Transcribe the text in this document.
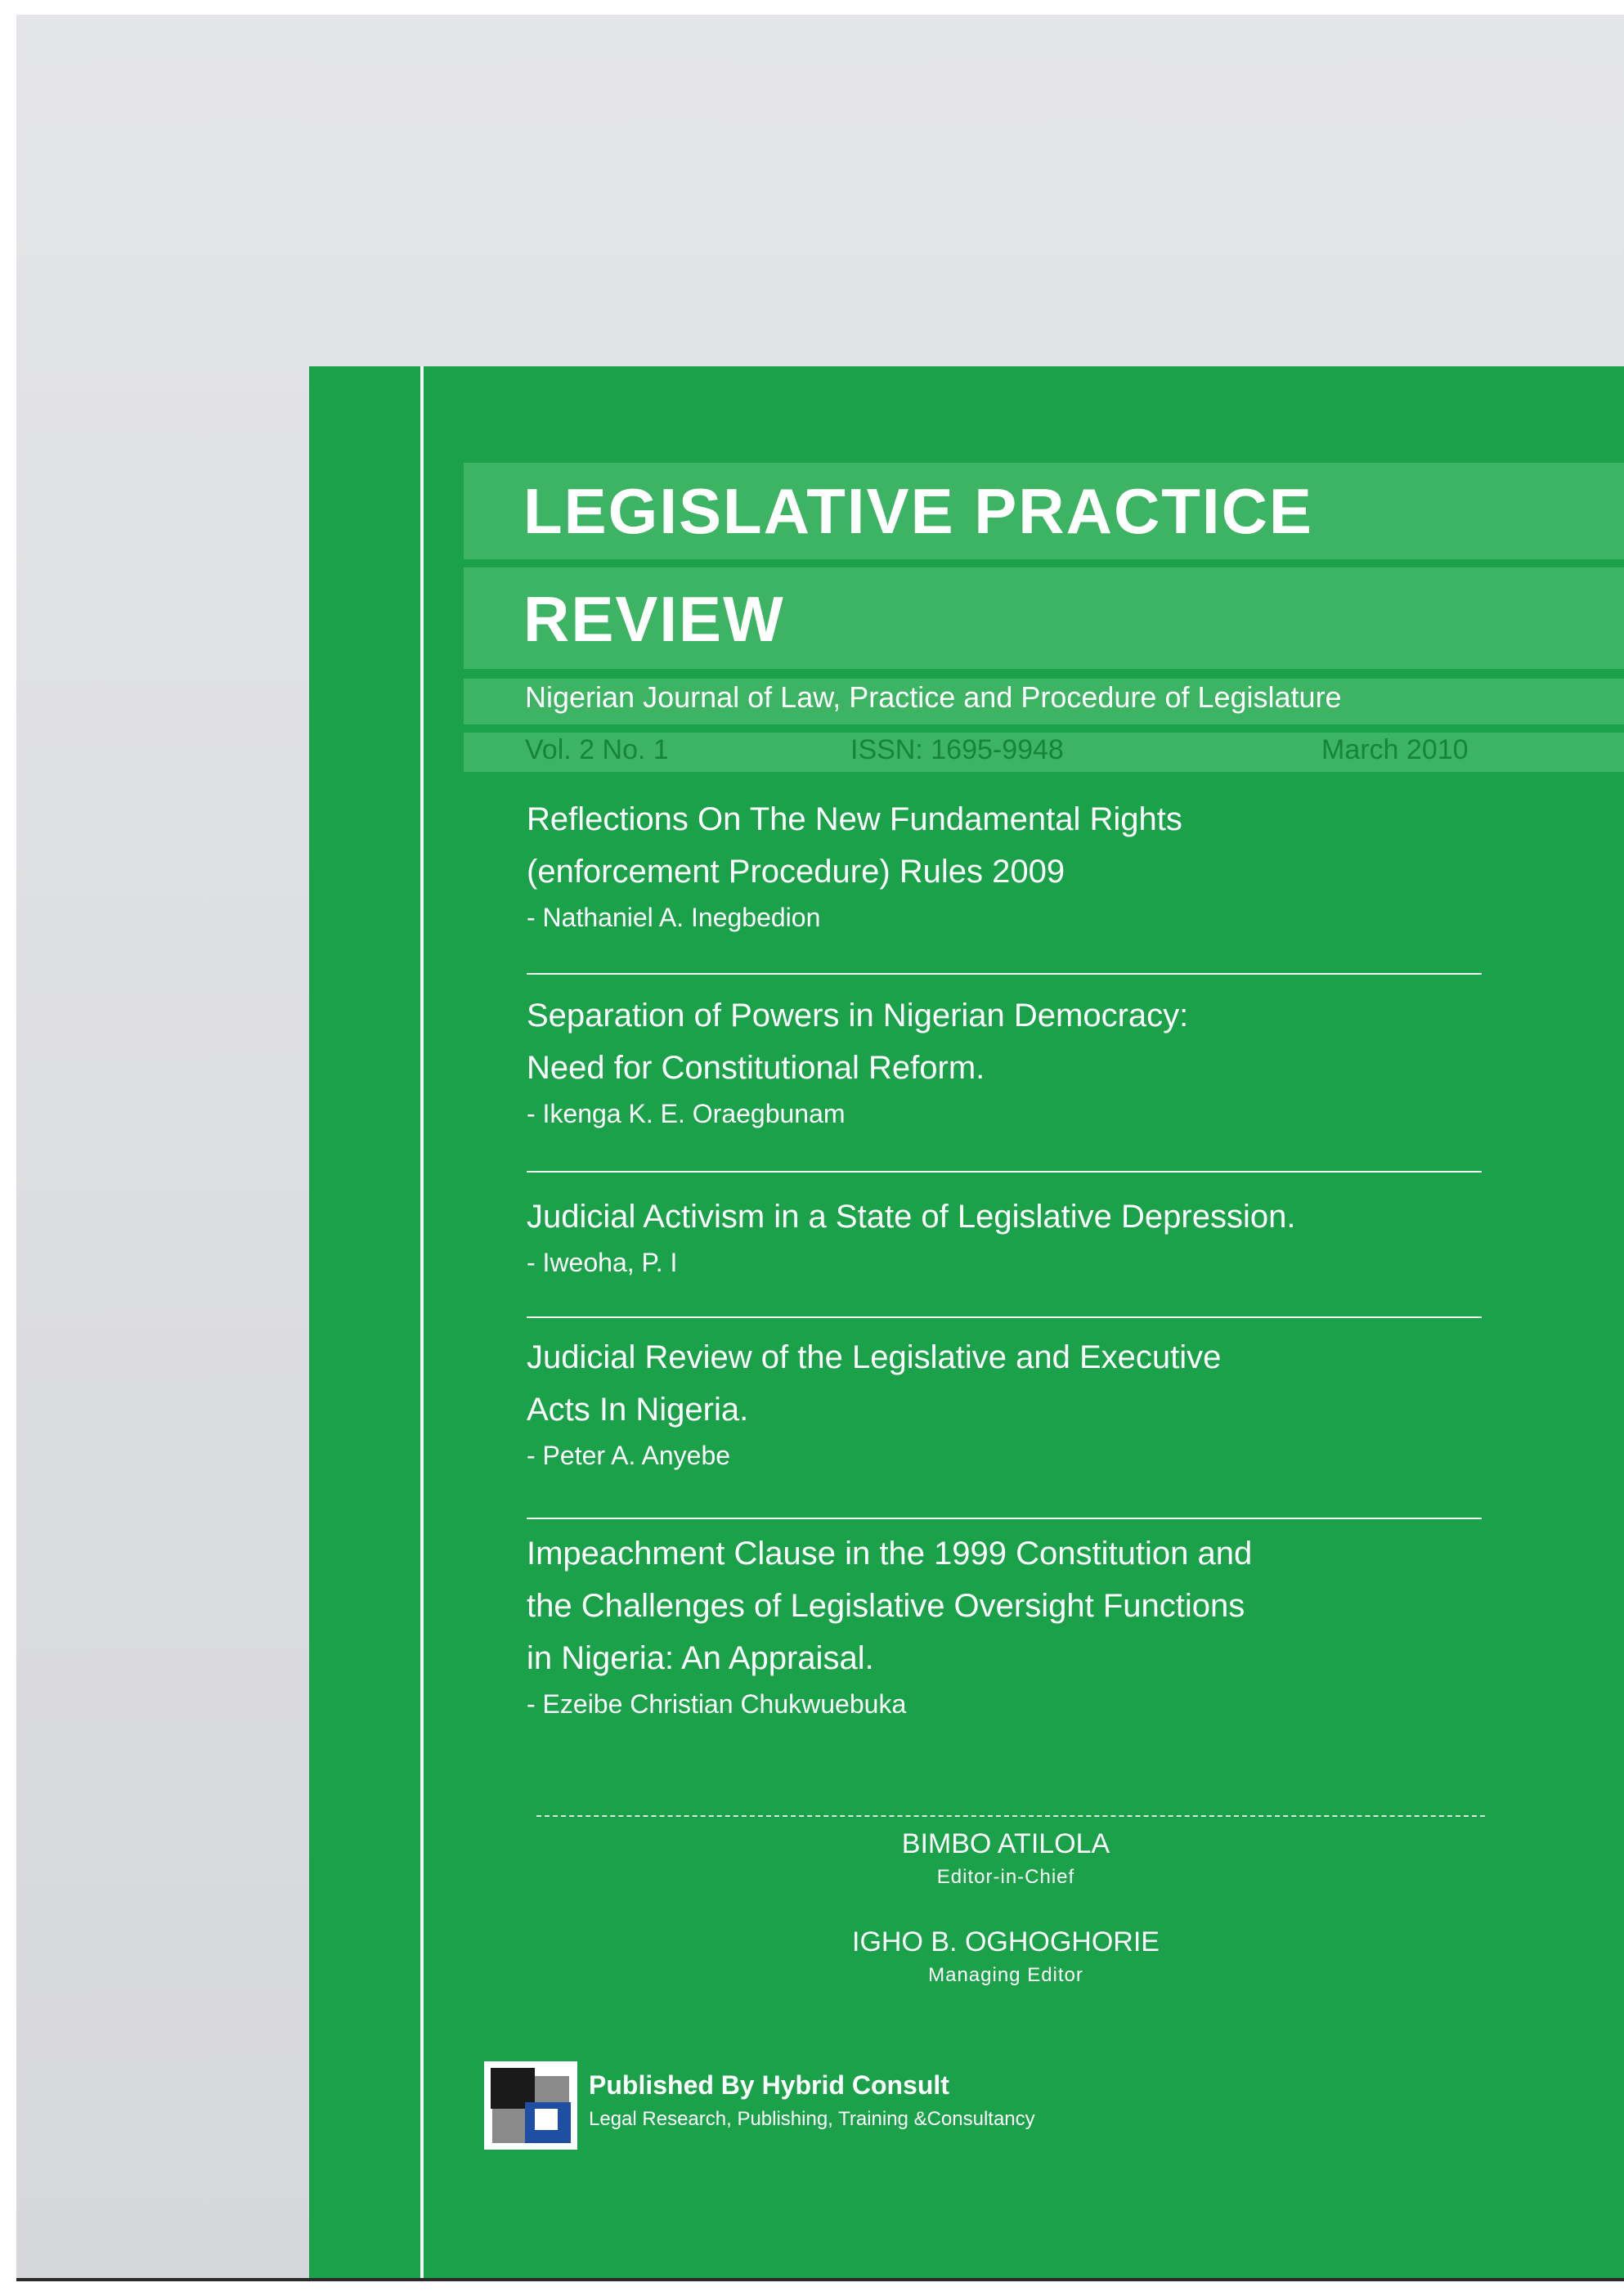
LEGISLATIVE PRACTICE
REVIEW
Nigerian Journal of Law, Practice and Procedure of Legislature
Vol. 2 No. 1	ISSN: 1695-9948	March 2010
Reflections On The New Fundamental Rights
(enforcement Procedure) Rules 2009
- Nathaniel A. Inegbedion
Separation of Powers in Nigerian Democracy:
Need for Constitutional Reform.
- Ikenga K. E. Oraegbunam
Judicial Activism in a State of Legislative Depression.
- Iweoha, P. I
Judicial Review of the Legislative and Executive
Acts In Nigeria.
- Peter A. Anyebe
Impeachment Clause in the 1999 Constitution and
the Challenges of Legislative Oversight Functions
in Nigeria: An Appraisal.
- Ezeibe Christian Chukwuebuka
BIMBO ATILOLA
Editor-in-Chief
IGHO B. OGHOGHORIE
Managing Editor
Published By Hybrid Consult
Legal Research, Publishing, Training &Consultancy
